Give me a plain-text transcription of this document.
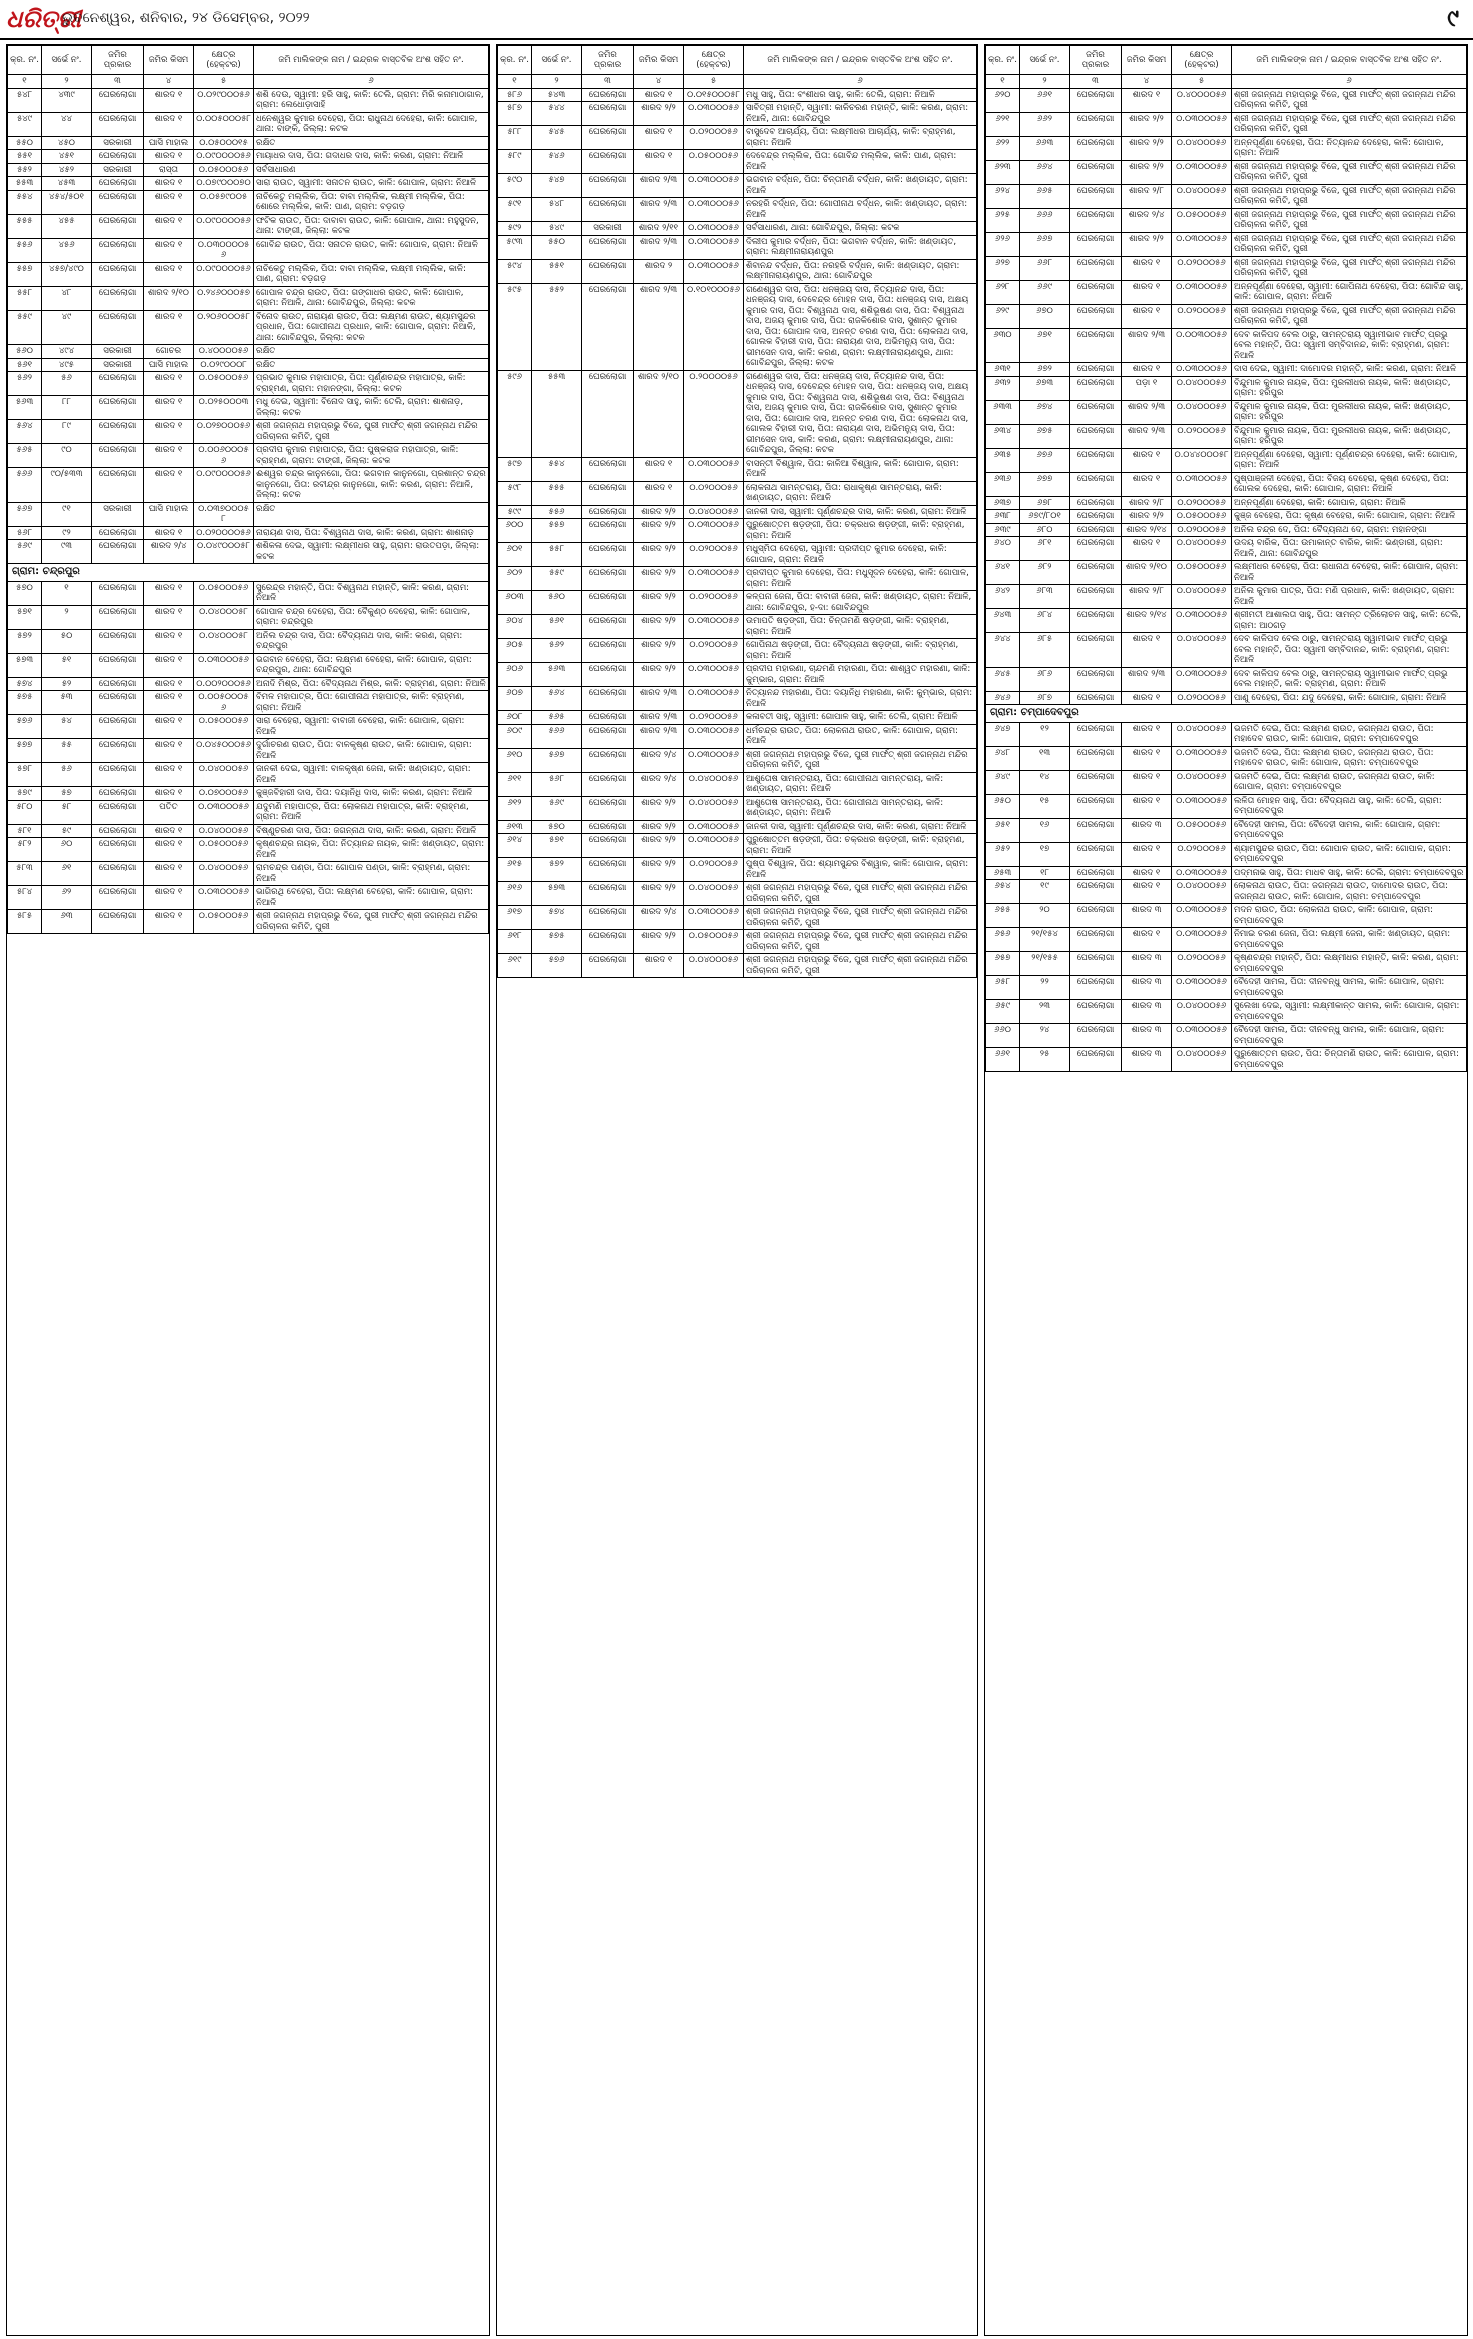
ଧରିତ୍ରୀ
ଭୁବନେଶ୍ୱର, ଶନିବାର, ୨୪ ଡିସେମ୍ବର, ୨୦୨୨	୯
କ୍ର. ନଂ.	ସର୍ଭେ ନଂ.	ଜମିର ପ୍ରକାର	ଜମିର କିସମ	କ୍ଷେତ୍ର (ହେକ୍ଟର)	ଜମି ମାଲିକଙ୍କ ନାମ / ଇନ୍ଦ୍ରକ ବାସ୍ତବିକ ଅଂଶ ସହିତ ନଂ.
୧	୨	୩	୪	୫	୬
୫୪୮	୪୩୯	ଘେରଲୋଗା	ଶାରଦ ୧	୦.୦୨୯୦୦୦୫୬	ଶଶି ଦେଉ, ସ୍ୱାମୀ: ହରି ସାହୁ, କାଳି: ତେଲି, ଗ୍ରାମ: ମିରି କନାମାଠାଗାଳ, ଗ୍ରାମ: ଲେଧୋଡ଼ାସାହି
୫୪୯	୪୪	ଘେରଲୋଗା	ଶାରଦ ୧	୦.୦୦୫୦୦୦୫୮	ଧନେଶ୍ୱର କୁମାର ଦେହେରା, ପିତା: ରାଧୁନାଥ ଦେହେରା, କାଳି: ଗୋପାଳ, ଥାନା: ବାଙ୍କି, ଜିଲ୍ଲା: କଟକ
୫୫୦	୪୫୦	ସରକାରୀ	ଘାସି ମାହାଲ	୦.୦୫୦୦୦୧୫	ରକ୍ଷିତ
୫୫୧	୪୫୧	ଘେରଲୋଗା	ଶାରଦ ୧	୦.୦୯୦୦୦୦୫୬	ମାୟାଧର ଦାସ, ପିତା: ଗଦାଧର ଦାସ, କାଳି: କରଣ, ଗ୍ରାମ: ନିଆଳି
୫୫୨	୪୫୨	ସରକାରୀ	ରାସ୍ତା	୦.୦୫୦୦୦୫୬	ସର୍ବସାଧାରଣ
୫୫୩	୪୫୩	ଘେରଲୋଗା	ଶାରଦ ୧	୦.୦୭୯୦୦୦୭୦	ସାରା ରାଉତ, ସ୍ୱାମୀ: ସନାତନ ରାଉତ, କାଳି: ଗୋପାଳ, ଗ୍ରାମ: ନିଆଳି
୫୫୪	୪୫୪/୫୦୧	ଘେରଲୋଗା	ଶାରଦ ୧	୦.୦୫୭୯୦୦୫	ନାଚିକେତୁ ମଲ୍ଲିକ, ପିତା: ବାବା ମଲ୍ଲିକ, ଲକ୍ଷ୍ମୀ ମଲ୍ଲିକ, ପିତା: ଶୋରେ ମଲ୍ଲିକ, କାଳି: ପାଣ, ଗ୍ରାମ: ବଡ଼ଗଡ଼
୫୫୫	୪୫୫	ଘେରଲୋଗା	ଶାରଦ ୧	୦.୦୯୦୦୦୦୫୬	ଫଟିକ ରାଉତ, ପିତା: ଦାବାବା ରାଉତ, କାଳି: ଗୋପାଳ, ଥାନା: ମହୁସୁଦନ, ଥାନା: ଟାଙ୍ଗୀ, ଜିଲ୍ଲା: କଟକ
୫୫୬	୪୫୬	ଘେରଲୋଗା	ଶାରଦ ୧	୦.୦୩୦୦୦୦୫୬	ଗୋବିନ୍ଦ ରାଉତ, ପିତା: ସନାତନ ରାଉତ, କାଳି: ଗୋପାଳ, ଗ୍ରାମ: ନିଆଳି
୫୫୭	୪୫୭/୪୯୦	ଘେରଲୋଗା	ଶାରଦ ୧	୦.୦୯୦୦୦୦୫୬	ନାଚିକେତୁ ମଲ୍ଲିକ, ପିତା: ବାବା ମଲ୍ଲିକ, ଲକ୍ଷ୍ମୀ ମଲ୍ଲିକ, କାଳି: ପାଣ, ଗ୍ରାମ: ବଡ଼ଗଡ଼
୫୫୮	୪୮	ଘେରଲୋଗା	ଶାରଦ ୨/୧୦	୦.୨୪୬୦୦୦୫୭	ଗୋପାଳ ଚନ୍ଦ୍ର ରାଉତ, ପିତା: ଗଙ୍ଗାଧର ରାଉତ, କାଳି: ଗୋପାଳ, ଗ୍ରାମ: ନିଆଳି, ଥାନା: ଗୋବିନ୍ଦପୁର, ଜିଲ୍ଲା: କଟକ
୫୫୯	୪୯	ଘେରଲୋଗା	ଶାରଦ ୧	୦.୨୦୬୦୦୦୫୮	ବିନୋଦ ରାଉତ, ନାରାୟଣ ରାଉତ, ପିତା: ଲକ୍ଷ୍ମଣ ରାଉତ, ଶ୍ୟାମସୁନ୍ଦର ପ୍ରଧାନ, ପିତା: ଗୋପୀନାଥ ପ୍ରଧାନ, କାଳି: ଗୋପାଳ, ଗ୍ରାମ: ନିଆଳି, ଥାନା: ଗୋବିନ୍ଦପୁର, ଜିଲ୍ଲା: କଟକ
୫୬୦	୪୯୪	ସରକାରୀ	ଗୋଚର	୦.୪୦୦୦୦୫୬	ରକ୍ଷିତ
୫୬୧	୪୯୫	ସରକାରୀ	ଘାସି ମାହାଲ	୦.୦୨୯୦୦୦୮	ରକ୍ଷିତ
୫୬୨	୫୬	ଘେରଲୋଗା	ଶାରଦ ୧	୦.୦୫୦୦୦୫୬	ପ୍ରଭାତ କୁମାର ମହାପାତ୍ର, ପିତା: ପୂର୍ଣ୍ଣଚନ୍ଦ୍ର ମହାପାତ୍ର, କାଳି: ବ୍ରାହ୍ମଣ, ଗ୍ରାମ: ମହାନଙ୍ଗା, ଜିଲ୍ଲା: କଟକ
୫୬୩	୮୮	ଘେରଲୋଗା	ଶାରଦ ୧	୦.୦୨୫୦୦୦୩	ମଧୁ ଦେଇ, ସ୍ୱାମୀ: ବିନୋଦ ସାହୁ, କାଳି: ତେଲି, ଗ୍ରାମ: ଶାଶନାଡ଼, ଜିଲ୍ଲା: କଟକ
୫୬୪	୮୯	ଘେରଲୋଗା	ଶାରଦ ୧	୦.୦୨୭୦୦୦୫୬	ଶ୍ରୀ ଜଗନ୍ନାଥ ମହାପ୍ରଭୁ ବିଜେ, ପୁରୀ ମାର୍ଫତ୍ ଶ୍ରୀ ଜଗନ୍ନାଥ ମନ୍ଦିର ପରିଚାଳନା କମିଟି, ପୁରୀ
୫୬୫	୯୦	ଘେରଲୋଗା	ଶାରଦ ୧	୦.୦୦୬୦୦୦୫୬	ପ୍ରଦୀପ କୁମାର ମହାପାତ୍ର, ପିତା: ପୁଷ୍କରାଜ ମହାପାତ୍ର, କାଳି: ବ୍ରାହ୍ମଣ, ଗ୍ରାମ: ଟାଙ୍ଗୀ, ଜିଲ୍ଲା: କଟକ
୫୬୬	୯୦/୫୩୩	ଘେରଲୋଗା	ଶାରଦ ୧	୦.୦୯୦୦୦୦୫୬	ଈଶ୍ୱର ଚନ୍ଦ୍ର କାନୁନଗୋ, ପିତା: ଭଗବାନ କାନୁନଗୋ, ପ୍ରଶାନ୍ତ ଚନ୍ଦ୍ର କାନୁନଗୋ, ପିତା: ରବୀନ୍ଦ୍ର କାନୁନଗୋ, କାଳି: କରଣ, ଗ୍ରାମ: ନିଆଳି, ଜିଲ୍ଲା: କଟକ
୫୬୭	୯୧	ସରକାରୀ	ଘାସି ମାହାଲ	୦.୦୩୭୦୦୦୫୮	ରକ୍ଷିତ
୫୬୮	୯୨	ଘେରଲୋଗା	ଶାରଦ ୧	୦.୦୨୦୦୦୦୫୬	ନାରାୟଣ ଦାସ, ପିତା: ବିଶ୍ୱନାଥ ଦାସ, କାଳି: କରଣ, ଗ୍ରାମ: ଶାଶନାଡ଼
୫୬୯	୯୩	ଘେରଲୋଗା	ଶାରଦ ୨/୪	୦.୦୪୯୦୦୦୫୮	ଶଶିକଳା ଦେଇ, ସ୍ୱାମୀ: ଲକ୍ଷ୍ମୀଧର ସାହୁ, ଗ୍ରାମ: ରାଉତପଡ଼ା, ଜିଲ୍ଲା: କଟକ
ଗ୍ରାମ: ଚନ୍ଦ୍ରପୁର					
୫୭୦	୧	ଘେରଲୋଗା	ଶାରଦ ୧	୦.୦୫୦୦୦୫୬	ସୁରେନ୍ଦ୍ର ମହାନ୍ତି, ପିତା: ବିଶ୍ୱନାଥ ମହାନ୍ତି, କାଳି: କରଣ, ଗ୍ରାମ: ନିଆଳି
୫୭୧	୨	ଘେରଲୋଗା	ଶାରଦ ୧	୦.୦୪୦୦୦୫୮	ଗୋପାଳ ଚନ୍ଦ୍ର ଦେହେରା, ପିତା: ବୈକୁଣ୍ଠ ଦେହେରା, କାଳି: ଗୋପାଳ, ଗ୍ରାମ: ଚନ୍ଦ୍ରପୁର
୫୭୨	୫୦	ଘେରଲୋଗା	ଶାରଦ ୧	୦.୦୪୦୦୦୫୮	ଅନିଲ ଚନ୍ଦ୍ର ଦାସ, ପିତା: ବୈଦ୍ୟନାଥ ଦାସ, କାଳି: କରଣ, ଗ୍ରାମ: ଚନ୍ଦ୍ରପୁର
୫୭୩	୫୧	ଘେରଲୋଗା	ଶାରଦ ୧	୦.୦୩୦୦୦୫୬	ଭଗବାନ ବେହେରା, ପିତା: ଲକ୍ଷ୍ମଣ ବେହେରା, କାଳି: ଗୋପାଳ, ଗ୍ରାମ: ଚନ୍ଦ୍ରପୁର, ଥାନା: ଗୋବିନ୍ଦପୁର
୫୭୪	୫୨	ଘେରଲୋଗା	ଶାରଦ ୧	୦.୦୦୨୦୦୦୫୬	ଅନାଦି ମିଶ୍ର, ପିତା: ବୈଦ୍ୟନାଥ ମିଶ୍ର, କାଳି: ବ୍ରାହ୍ମଣ, ଗ୍ରାମ: ନିଆଳି
୫୭୫	୫୩	ଘେରଲୋଗା	ଶାରଦ ୧	୦.୦୦୫୦୦୦୫୬	ବିମଳ ମହାପାତ୍ର, ପିତା: ଗୋପୀନାଥ ମହାପାତ୍ର, କାଳି: ବ୍ରାହ୍ମଣ, ଗ୍ରାମ: ନିଆଳି
୫୭୬	୫୪	ଘେରଲୋଗା	ଶାରଦ ୧	୦.୦୫୦୦୦୫୬	ସାରା ବେହେରା, ସ୍ୱାମୀ: ବାବାଜୀ ବେହେରା, କାଳି: ଗୋପାଳ, ଗ୍ରାମ: ନିଆଳି
୫୭୭	୫୫	ଘେରଲୋଗା	ଶାରଦ ୧	୦.୦୪୫୦୦୦୫୬	ଦୁର୍ଗାଚରଣ ରାଉତ, ପିତା: ବାଳକୃଷ୍ଣ ରାଉତ, କାଳି: ଗୋପାଳ, ଗ୍ରାମ: ନିଆଳି
୫୭୮	୫୬	ଘେରଲୋଗା	ଶାରଦ ୧	୦.୦୪୦୦୦୫୬	ଜାନକୀ ଦେଇ, ସ୍ୱାମୀ: ବାଳକୃଷ୍ଣ ଜେନା, କାଳି: ଖଣ୍ଡାୟତ, ଗ୍ରାମ: ନିଆଳି
୫୭୯	୫୭	ଘେରଲୋଗା	ଶାରଦ ୧	୦.୦୭୦୦୦୫୬	କୁଞ୍ଜବିହାରୀ ଦାସ, ପିତା: ଦୟାନିଧି ଦାସ, କାଳି: କରଣ, ଗ୍ରାମ: ନିଆଳି
୫୮୦	୫୮	ଘେରଲୋଗା	ପତିତ	୦.୦୩୦୦୦୫୬	ଯଦୁମଣି ମହାପାତ୍ର, ପିତା: ଲୋକନାଥ ମହାପାତ୍ର, କାଳି: ବ୍ରାହ୍ମଣ, ଗ୍ରାମ: ନିଆଳି
୫୮୧	୫୯	ଘେରଲୋଗା	ଶାରଦ ୧	୦.୦୪୦୦୦୫୬	ବିଷ୍ଣୁଚରଣ ଦାସ, ପିତା: ଜଗନ୍ନାଥ ଦାସ, କାଳି: କରଣ, ଗ୍ରାମ: ନିଆଳି
୫୮୨	୬୦	ଘେରଲୋଗା	ଶାରଦ ୧	୦.୦୫୦୦୦୫୬	କୃଷ୍ଣଚନ୍ଦ୍ର ନାୟକ, ପିତା: ନିତ୍ୟାନନ୍ଦ ନାୟକ, କାଳି: ଖଣ୍ଡାୟତ, ଗ୍ରାମ: ନିଆଳି
୫୮୩	୬୧	ଘେରଲୋଗା	ଶାରଦ ୧	୦.୦୪୦୦୦୫୬	ରାମଚନ୍ଦ୍ର ପଣ୍ଡା, ପିତା: ଗୋପାଳ ପଣ୍ଡା, କାଳି: ବ୍ରାହ୍ମଣ, ଗ୍ରାମ: ନିଆଳି
୫୮୪	୬୨	ଘେରଲୋଗା	ଶାରଦ ୧	୦.୦୩୦୦୦୫୬	ଭାଗିରଥି ବେହେରା, ପିତା: ଲକ୍ଷ୍ମଣ ବେହେରା, କାଳି: ଗୋପାଳ, ଗ୍ରାମ: ନିଆଳି
୫୮୫	୬୩	ଘେରଲୋଗା	ଶାରଦ ୧	୦.୦୫୦୦୦୫୬	ଶ୍ରୀ ଜଗନ୍ନାଥ ମହାପ୍ରଭୁ ବିଜେ, ପୁରୀ ମାର୍ଫତ୍ ଶ୍ରୀ ଜଗନ୍ନାଥ ମନ୍ଦିର ପରିଚାଳନା କମିଟି, ପୁରୀ
କ୍ର. ନଂ.	ସର୍ଭେ ନଂ.	ଜମିର ପ୍ରକାର	ଜମିର କିସମ	କ୍ଷେତ୍ର (ହେକ୍ଟର)	ଜମି ମାଲିକଙ୍କ ନାମ / ଇନ୍ଦ୍ରକ ବାସ୍ତବିକ ଅଂଶ ସହିତ ନଂ.
୧	୨	୩	୪	୫	୬
୫୮୬	୫୪୩	ଘେରଲୋଗା	ଶାରଦ ୧	୦.୦୧୫୦୦୦୫୮	ମଧୁ ସାହୁ, ପିତା: ବଂଶୀଧର ସାହୁ, କାଳି: ତେଲି, ଗ୍ରାମ: ନିଆଳି
୫୮୭	୫୪୪	ଘେରଲୋଗା	ଶାରଦ ୨/୨	୦.୦୩୦୦୦୫୬	ସାବିତ୍ରୀ ମହାନ୍ତି, ସ୍ୱାମୀ: କାଳିଚରଣ ମହାନ୍ତି, କାଳି: କରଣ, ଗ୍ରାମ: ନିଆଳି, ଥାନା: ଗୋବିନ୍ଦପୁର
୫୮୮	୫୪୫	ଘେରଲୋଗା	ଶାରଦ ୧	୦.୦୨୦୦୦୫୬	ବାସୁଦେବ ଆଚାର୍ଯ୍ୟ, ପିତା: ଲକ୍ଷ୍ମୀଧର ଆଚାର୍ଯ୍ୟ, କାଳି: ବ୍ରାହ୍ମଣ, ଗ୍ରାମ: ନିଆଳି
୫୮୯	୫୪୬	ଘେରଲୋଗା	ଶାରଦ ୧	୦.୦୫୦୦୦୫୬	ଦେବେନ୍ଦ୍ର ମଲ୍ଲିକ, ପିତା: ଗୋବିନ୍ଦ ମଲ୍ଲିକ, କାଳି: ପାଣ, ଗ୍ରାମ: ନିଆଳି
୫୯୦	୫୪୭	ଘେରଲୋଗା	ଶାରଦ ୨/୩	୦.୦୩୦୦୦୫୬	ଭଗବାନ ବର୍ଦ୍ଧନ, ପିତା: ଚିନ୍ତାମଣି ବର୍ଦ୍ଧନ, କାଳି: ଖଣ୍ଡାୟତ, ଗ୍ରାମ: ନିଆଳି
୫୯୧	୫୪୮	ଘେରଲୋଗା	ଶାରଦ ୨/୩	୦.୦୩୦୦୦୫୬	ନରହରି ବର୍ଦ୍ଧନ, ପିତା: ଗୋପୀନାଥ ବର୍ଦ୍ଧନ, କାଳି: ଖଣ୍ଡାୟତ, ଗ୍ରାମ: ନିଆଳି
୫୯୨	୫୪୯	ସରକାରୀ	ଶାରଦ ୨/୧୧	୦.୦୩୦୦୦୫୬	ସର୍ବସାଧାରଣ, ଥାନା: ଗୋବିନ୍ଦପୁର, ଜିଲ୍ଲା: କଟକ
୫୯୩	୫୫୦	ଘେରଲୋଗା	ଶାରଦ ୨/୩	୦.୦୩୦୦୦୫୬	ଦିଲୀପ କୁମାର ବର୍ଦ୍ଧନ, ପିତା: ଭଗବାନ ବର୍ଦ୍ଧନ, କାଳି: ଖଣ୍ଡାୟତ, ଗ୍ରାମ: ଲକ୍ଷ୍ମୀନାରାୟଣପୁର
୫୯୪	୫୫୧	ଘେରଲୋଗା	ଶାରଦ ୨	୦.୦୩୦୦୦୫୬	ଶିବାନନ୍ଦ ବର୍ଦ୍ଧନ, ପିତା: ନରହରି ବର୍ଦ୍ଧନ, କାଳି: ଖଣ୍ଡାୟତ, ଗ୍ରାମ: ଲକ୍ଷ୍ମୀନାରାୟଣପୁର, ଥାନା: ଗୋବିନ୍ଦପୁର
୫୯୫	୫୫୨	ଘେରଲୋଗା	ଶାରଦ ୨/୩	୦.୧୦୧୦୦୦୫୬	ଗଣେଶ୍ୱର ଦାସ, ପିତା: ଧନଞ୍ଜୟ ଦାସ, ନିତ୍ୟାନନ୍ଦ ଦାସ, ପିତା: ଧନଞ୍ଜୟ ଦାସ, ଦେବେନ୍ଦ୍ର ମୋହନ ଦାସ, ପିତା: ଧନଞ୍ଜୟ ଦାସ, ଅକ୍ଷୟ କୁମାର ଦାସ, ପିତା: ବିଶ୍ୱନାଥ ଦାସ, ଶଶିଭୂଷଣ ଦାସ, ପିତା: ବିଶ୍ୱନାଥ ଦାସ, ଅଜୟ କୁମାର ଦାସ, ପିତା: ରାଜକିଶୋର ଦାସ, ସୁଶାନ୍ତ କୁମାର ଦାସ, ପିତା: ଗୋପାଳ ଦାସ, ଅନନ୍ତ ଚରଣ ଦାସ, ପିତା: ଲୋକନାଥ ଦାସ, ଗୋଲକ ବିହାରୀ ଦାସ, ପିତା: ନାରାୟଣ ଦାସ, ଅଭିମନ୍ୟୁ ଦାସ, ପିତା: ଭୀମସେନ ଦାସ, କାଳି: କରଣ, ଗ୍ରାମ: ଲକ୍ଷ୍ମୀନାରାୟଣପୁର, ଥାନା: ଗୋବିନ୍ଦପୁର, ଜିଲ୍ଲା: କଟକ
୫୯୬	୫୫୩	ଘେରଲୋଗା	ଶାରଦ ୨/୧୦	୦.୨୦୦୦୦୫୬	ଗଣେଶ୍ୱର ଦାସ, ପିତା: ଧନଞ୍ଜୟ ଦାସ, ନିତ୍ୟାନନ୍ଦ ଦାସ, ପିତା: ଧନଞ୍ଜୟ ଦାସ, ଦେବେନ୍ଦ୍ର ମୋହନ ଦାସ, ପିତା: ଧନଞ୍ଜୟ ଦାସ, ଅକ୍ଷୟ କୁମାର ଦାସ, ପିତା: ବିଶ୍ୱନାଥ ଦାସ, ଶଶିଭୂଷଣ ଦାସ, ପିତା: ବିଶ୍ୱନାଥ ଦାସ, ଅଜୟ କୁମାର ଦାସ, ପିତା: ରାଜକିଶୋର ଦାସ, ସୁଶାନ୍ତ କୁମାର ଦାସ, ପିତା: ଗୋପାଳ ଦାସ, ଅନନ୍ତ ଚରଣ ଦାସ, ପିତା: ଲୋକନାଥ ଦାସ, ଗୋଲକ ବିହାରୀ ଦାସ, ପିତା: ନାରାୟଣ ଦାସ, ଅଭିମନ୍ୟୁ ଦାସ, ପିତା: ଭୀମସେନ ଦାସ, କାଳି: କରଣ, ଗ୍ରାମ: ଲକ୍ଷ୍ମୀନାରାୟଣପୁର, ଥାନା: ଗୋବିନ୍ଦପୁର, ଜିଲ୍ଲା: କଟକ
୫୯୭	୫୫୪	ଘେରଲୋଗା	ଶାରଦ ୧	୦.୦୩୦୦୦୫୬	ବାସନ୍ତୀ ବିଶ୍ୱାଳ, ପିତା: କାଳିଆ ବିଶ୍ୱାଳ, କାଳି: ଗୋପାଳ, ଗ୍ରାମ: ନିଆଳି
୫୯୮	୫୫୫	ଘେରଲୋଗା	ଶାରଦ ୧	୦.୦୨୦୦୦୫୬	ଲୋକନାଥ ସାମନ୍ତରାୟ, ପିତା: ରାଧାକୃଷ୍ଣ ସାମନ୍ତରାୟ, କାଳି: ଖଣ୍ଡାୟତ, ଗ୍ରାମ: ନିଆଳି
୫୯୯	୫୫୬	ଘେରଲୋଗା	ଶାରଦ ୨/୨	୦.୦୪୦୦୦୫୬	ଜାନକୀ ଦାସ, ସ୍ୱାମୀ: ପୂର୍ଣ୍ଣଚନ୍ଦ୍ର ଦାସ, କାଳି: କରଣ, ଗ୍ରାମ: ନିଆଳି
୬୦୦	୫୫୭	ଘେରଲୋଗା	ଶାରଦ ୨/୨	୦.୦୩୦୦୦୫୬	ପୁରୁଷୋତ୍ତମ ଷଡ଼ଙ୍ଗୀ, ପିତା: ଚକ୍ରଧର ଷଡ଼ଙ୍ଗୀ, କାଳି: ବ୍ରାହ୍ମଣ, ଗ୍ରାମ: ନିଆଳି
୬୦୧	୫୫୮	ଘେରଲୋଗା	ଶାରଦ ୨/୨	୦.୦୨୦୦୦୫୬	ମଧୁସ୍ମିତା ଦେହେରା, ସ୍ୱାମୀ: ପ୍ରଦୀପ୍ତ କୁମାର ଦେହେରା, କାଳି: ଗୋପାଳ, ଗ୍ରାମ: ନିଆଳି
୬୦୨	୫୫୯	ଘେରଲୋଗା	ଶାରଦ ୨/୨	୦.୦୩୦୦୦୫୬	ପ୍ରଦୀପ୍ତ କୁମାର ଦେହେରା, ପିତା: ମଧୁସୂଦନ ଦେହେରା, କାଳି: ଗୋପାଳ, ଗ୍ରାମ: ନିଆଳି
୬୦୩	୫୬୦	ଘେରଲୋଗା	ଶାରଦ ୨/୨	୦.୦୨୦୦୦୫୬	କଳ୍ପନା ଜେନା, ପିତା: ବାବାଜୀ ଜେନା, କାଳି: ଖଣ୍ଡାୟତ, ଗ୍ରାମ: ନିଆଳି, ଥାନା: ଗୋବିନ୍ଦପୁର, ହ-ଦା: ଗୋବିନ୍ଦପୁର
୬୦୪	୫୬୧	ଘେରଲୋଗା	ଶାରଦ ୨/୨	୦.୦୩୦୦୦୫୬	ଉମାପତି ଷଡ଼ଙ୍ଗୀ, ପିତା: ଚିନ୍ତାମଣି ଷଡ଼ଙ୍ଗୀ, କାଳି: ବ୍ରାହ୍ମଣ, ଗ୍ରାମ: ନିଆଳି
୬୦୫	୫୬୨	ଘେରଲୋଗା	ଶାରଦ ୨/୨	୦.୦୨୦୦୦୫୬	ଗୋପିନାଥ ଷଡ଼ଙ୍ଗୀ, ପିତା: ବୈଦ୍ୟନାଥ ଷଡ଼ଙ୍ଗୀ, କାଳି: ବ୍ରାହ୍ମଣ, ଗ୍ରାମ: ନିଆଳି
୬୦୬	୫୬୩	ଘେରଲୋଗା	ଶାରଦ ୨/୨	୦.୦୩୦୦୦୫୬	ପ୍ରଦୀପ ମହାରଣା, ଚାନ୍ଦମଣି ମହାରଣା, ପିତା: ଶାଶ୍ୱତ ମହାରଣା, କାଳି: କୁମ୍ଭାର, ଗ୍ରାମ: ନିଆଳି
୬୦୭	୫୬୪	ଘେରଲୋଗା	ଶାରଦ ୨/୩	୦.୦୩୦୦୦୫୬	ନିତ୍ୟାନନ୍ଦ ମହାରଣା, ପିତା: ଦୟାନିଧି ମହାରଣା, କାଳି: କୁମ୍ଭାର, ଗ୍ରାମ: ନିଆଳି
୬୦୮	୫୬୫	ଘେରଲୋଗା	ଶାରଦ ୨/୩	୦.୦୨୦୦୦୫୬	କଳାବତୀ ସାହୁ, ସ୍ୱାମୀ: ଗୋପାଳ ସାହୁ, କାଳି: ତେଲି, ଗ୍ରାମ: ନିଆଳି
୬୦୯	୫୬୬	ଘେରଲୋଗା	ଶାରଦ ୨/୩	୦.୦୩୦୦୦୫୬	ଧର୍ମଚନ୍ଦ୍ର ରାଉତ, ପିତା: ଲୋକନାଥ ରାଉତ, କାଳି: ଗୋପାଳ, ଗ୍ରାମ: ନିଆଳି
୬୧୦	୫୬୭	ଘେରଲୋଗା	ଶାରଦ ୨/୪	୦.୦୩୦୦୦୫୬	ଶ୍ରୀ ଜଗନ୍ନାଥ ମହାପ୍ରଭୁ ବିଜେ, ପୁରୀ ମାର୍ଫତ୍ ଶ୍ରୀ ଜଗନ୍ନାଥ ମନ୍ଦିର ପରିଚାଳନା କମିଟି, ପୁରୀ
୬୧୧	୫୬୮	ଘେରଲୋଗା	ଶାରଦ ୨/୪	୦.୦୪୦୦୦୫୬	ଆଶୁତୋଷ ସାମନ୍ତରାୟ, ପିତା: ଗୋପୀନାଥ ସାମନ୍ତରାୟ, କାଳି: ଖଣ୍ଡାୟତ, ଗ୍ରାମ: ନିଆଳି
୬୧୨	୫୬୯	ଘେରଲୋଗା	ଶାରଦ ୨/୨	୦.୦୪୦୦୦୫୬	ଆଶୁତୋଷ ସାମନ୍ତରାୟ, ପିତା: ଗୋପୀନାଥ ସାମନ୍ତରାୟ, କାଳି: ଖଣ୍ଡାୟତ, ଗ୍ରାମ: ନିଆଳି
୬୧୩	୫୭୦	ଘେରଲୋଗା	ଶାରଦ ୨/୨	୦.୦୩୦୦୦୫୬	ଜାନକୀ ଦାସ, ସ୍ୱାମୀ: ପୂର୍ଣ୍ଣଚନ୍ଦ୍ର ଦାସ, କାଳି: କରଣ, ଗ୍ରାମ: ନିଆଳି
୬୧୪	୫୭୧	ଘେରଲୋଗା	ଶାରଦ ୨/୨	୦.୦୩୦୦୦୫୬	ପୁରୁଷୋତ୍ତମ ଷଡ଼ଙ୍ଗୀ, ପିତା: ଚକ୍ରଧର ଷଡ଼ଙ୍ଗୀ, କାଳି: ବ୍ରାହ୍ମଣ, ଗ୍ରାମ: ନିଆଳି
୬୧୫	୫୭୨	ଘେରଲୋଗା	ଶାରଦ ୨/୨	୦.୦୨୦୦୦୫୬	ପୁଷ୍ପ ବିଶ୍ୱାଳ, ପିତା: ଶ୍ୟାମସୁନ୍ଦର ବିଶ୍ୱାଳ, କାଳି: ଗୋପାଳ, ଗ୍ରାମ: ନିଆଳି
୬୧୬	୫୭୩	ଘେରଲୋଗା	ଶାରଦ ୨/୨	୦.୦୪୦୦୦୫୬	ଶ୍ରୀ ଜଗନ୍ନାଥ ମହାପ୍ରଭୁ ବିଜେ, ପୁରୀ ମାର୍ଫତ୍ ଶ୍ରୀ ଜଗନ୍ନାଥ ମନ୍ଦିର ପରିଚାଳନା କମିଟି, ପୁରୀ
୬୧୭	୫୭୪	ଘେରଲୋଗା	ଶାରଦ ୨/୪	୦.୦୩୦୦୦୫୬	ଶ୍ରୀ ଜଗନ୍ନାଥ ମହାପ୍ରଭୁ ବିଜେ, ପୁରୀ ମାର୍ଫତ୍ ଶ୍ରୀ ଜଗନ୍ନାଥ ମନ୍ଦିର ପରିଚାଳନା କମିଟି, ପୁରୀ
୬୧୮	୫୭୫	ଘେରଲୋଗା	ଶାରଦ ୨/୨	୦.୦୫୦୦୦୫୬	ଶ୍ରୀ ଜଗନ୍ନାଥ ମହାପ୍ରଭୁ ବିଜେ, ପୁରୀ ମାର୍ଫତ୍ ଶ୍ରୀ ଜଗନ୍ନାଥ ମନ୍ଦିର ପରିଚାଳନା କମିଟି, ପୁରୀ
୬୧୯	୫୭୬	ଘେରଲୋଗା	ଶାରଦ ୧	୦.୦୪୦୦୦୫୬	ଶ୍ରୀ ଜଗନ୍ନାଥ ମହାପ୍ରଭୁ ବିଜେ, ପୁରୀ ମାର୍ଫତ୍ ଶ୍ରୀ ଜଗନ୍ନାଥ ମନ୍ଦିର ପରିଚାଳନା କମିଟି, ପୁରୀ
କ୍ର. ନଂ.	ସର୍ଭେ ନଂ.	ଜମିର ପ୍ରକାର	ଜମିର କିସମ	କ୍ଷେତ୍ର (ହେକ୍ଟର)	ଜମି ମାଲିକଙ୍କ ନାମ / ଇନ୍ଦ୍ରକ ବାସ୍ତବିକ ଅଂଶ ସହିତ ନଂ.
୧	୨	୩	୪	୫	୬
୬୨୦	୬୬୧	ଘେରଲୋଗା	ଶାରଦ ୧	୦.୪୦୦୦୦୫୬	ଶ୍ରୀ ଜଗନ୍ନାଥ ମହାପ୍ରଭୁ ବିଜେ, ପୁରୀ ମାର୍ଫତ୍ ଶ୍ରୀ ଜଗନ୍ନାଥ ମନ୍ଦିର ପରିଚାଳନା କମିଟି, ପୁରୀ
୬୨୧	୬୬୨	ଘେରଲୋଗା	ଶାରଦ ୨/୨	୦.୦୩୦୦୦୫୬	ଶ୍ରୀ ଜଗନ୍ନାଥ ମହାପ୍ରଭୁ ବିଜେ, ପୁରୀ ମାର୍ଫତ୍ ଶ୍ରୀ ଜଗନ୍ନାଥ ମନ୍ଦିର ପରିଚାଳନା କମିଟି, ପୁରୀ
୬୨୨	୬୬୩	ଘେରଲୋଗା	ଶାରଦ ୨/୨	୦.୦୪୦୦୦୫୬	ଅନ୍ନପୂର୍ଣ୍ଣା ଦେହେରା, ପିତା: ନିତ୍ୟାନନ୍ଦ ଦେହେରା, କାଳି: ଗୋପାଳ, ଗ୍ରାମ: ନିଆଳି
୬୨୩	୬୬୪	ଘେରଲୋଗା	ଶାରଦ ୨/୨	୦.୦୩୦୦୦୫୬	ଶ୍ରୀ ଜଗନ୍ନାଥ ମହାପ୍ରଭୁ ବିଜେ, ପୁରୀ ମାର୍ଫତ୍ ଶ୍ରୀ ଜଗନ୍ନାଥ ମନ୍ଦିର ପରିଚାଳନା କମିଟି, ପୁରୀ
୬୨୪	୬୬୫	ଘେରଲୋଗା	ଶାରଦ ୨/୮	୦.୦୪୦୦୦୫୬	ଶ୍ରୀ ଜଗନ୍ନାଥ ମହାପ୍ରଭୁ ବିଜେ, ପୁରୀ ମାର୍ଫତ୍ ଶ୍ରୀ ଜଗନ୍ନାଥ ମନ୍ଦିର ପରିଚାଳନା କମିଟି, ପୁରୀ
୬୨୫	୬୬୬	ଘେରଲୋଗା	ଶାରଦ ୨/୪	୦.୦୫୦୦୦୫୬	ଶ୍ରୀ ଜଗନ୍ନାଥ ମହାପ୍ରଭୁ ବିଜେ, ପୁରୀ ମାର୍ଫତ୍ ଶ୍ରୀ ଜଗନ୍ନାଥ ମନ୍ଦିର ପରିଚାଳନା କମିଟି, ପୁରୀ
୬୨୬	୬୬୭	ଘେରଲୋଗା	ଶାରଦ ୨/୨	୦.୦୩୦୦୦୫୬	ଶ୍ରୀ ଜଗନ୍ନାଥ ମହାପ୍ରଭୁ ବିଜେ, ପୁରୀ ମାର୍ଫତ୍ ଶ୍ରୀ ଜଗନ୍ନାଥ ମନ୍ଦିର ପରିଚାଳନା କମିଟି, ପୁରୀ
୬୨୭	୬୬୮	ଘେରଲୋଗା	ଶାରଦ ୧	୦.୦୨୦୦୦୫୬	ଶ୍ରୀ ଜଗନ୍ନାଥ ମହାପ୍ରଭୁ ବିଜେ, ପୁରୀ ମାର୍ଫତ୍ ଶ୍ରୀ ଜଗନ୍ନାଥ ମନ୍ଦିର ପରିଚାଳନା କମିଟି, ପୁରୀ
୬୨୮	୬୬୯	ଘେରଲୋଗା	ଶାରଦ ୧	୦.୦୩୦୦୦୫୬	ଅନ୍ନପୂର୍ଣ୍ଣା ଦେହେରା, ସ୍ୱାମୀ: ଗୋପିନାଥ ଦେହେରା, ପିତା: ଗୋବିନ୍ଦ ସାହୁ, କାଳି: ଗୋପାଳ, ଗ୍ରାମ: ନିଆଳି
୬୨୯	୬୭୦	ଘେରଲୋଗା	ଶାରଦ ୧	୦.୦୨୦୦୦୫୬	ଶ୍ରୀ ଜଗନ୍ନାଥ ମହାପ୍ରଭୁ ବିଜେ, ପୁରୀ ମାର୍ଫତ୍ ଶ୍ରୀ ଜଗନ୍ନାଥ ମନ୍ଦିର ପରିଚାଳନା କମିଟି, ପୁରୀ
୬୩୦	୬୭୧	ଘେରଲୋଗା	ଶାରଦ ୨/୩	୦.୦୦୩୦୦୫୬	ଦେବ କାଳିପଦ ବେଲ ଠାରୁ, ସାମନ୍ତରାୟ ସ୍ୱାମୀଭାବ ମାର୍ଫତ୍ ପ୍ରଭୁ ବେଲ ମହାନ୍ତି, ପିତା: ସ୍ୱାମୀ ସମ୍ବିଦାନନ୍ଦ, କାଳି: ବ୍ରାହ୍ମଣ, ଗ୍ରାମ: ନିଆଳି
୬୩୧	୬୭୨	ଘେରଲୋଗା	ଶାରଦ ୧	୦.୦୩୦୦୦୫୬	ଦାସ ଦେଇ, ସ୍ୱାମୀ: ଦାମୋଦର ମହାନ୍ତି, କାଳି: କରଣ, ଗ୍ରାମ: ନିଆଳି
୬୩୨	୬୭୩	ଘେରଲୋଗା	ପଡ଼ା ୧	୦.୦୪୦୦୦୫୬	ବିନ୍ଦୁମାଳ କୁମାର ନାୟକ, ପିତା: ମୁରଲୀଧର ନାୟକ, କାଳି: ଖଣ୍ଡାୟତ, ଗ୍ରାମ: ହରିପୁର
୬୩୩	୬୭୪	ଘେରଲୋଗା	ଶାରଦ ୨/୩	୦.୦୪୦୦୦୫୬	ବିନ୍ଦୁମାଳ କୁମାର ନାୟକ, ପିତା: ମୁରଲୀଧର ନାୟକ, କାଳି: ଖଣ୍ଡାୟତ, ଗ୍ରାମ: ହରିପୁର
୬୩୪	୬୭୫	ଘେରଲୋଗା	ଶାରଦ ୨/୩	୦.୦୨୦୦୦୫୬	ବିନ୍ଦୁମାଳ କୁମାର ନାୟକ, ପିତା: ମୁରଲୀଧର ନାୟକ, କାଳି: ଖଣ୍ଡାୟତ, ଗ୍ରାମ: ହରିପୁର
୬୩୫	୬୭୬	ଘେରଲୋଗା	ଶାରଦ ୧	୦.୦୪୪୦୦୦୫୮	ଅନ୍ନପୂର୍ଣ୍ଣା ଦେହେରା, ସ୍ୱାମୀ: ପୂର୍ଣ୍ଣଚନ୍ଦ୍ର ଦେହେରା, କାଳି: ଗୋପାଳ, ଗ୍ରାମ: ନିଆଳି
୬୩୬	୬୭୭	ଘେରଲୋଗା	ଶାରଦ ୧	୦.୦୩୦୦୦୫୬	ପୁଷ୍ପାଞ୍ଜଳୀ ଦେହେରା, ପିତା: ବିଜୟ ଦେହେରା, କୃଷ୍ଣ ଦେହେରା, ପିତା: ଗୋଲକ ଦେହେରା, କାଳି: ଗୋପାଳ, ଗ୍ରାମ: ନିଆଳି
୬୩୭	୬୭୮	ଘେରଲୋଗା	ଶାରଦ ୨/୮	୦.୦୨୦୦୦୫୬	ଅନ୍ନପୂର୍ଣ୍ଣା ଦେହେରା, କାଳି: ଗୋପାଳ, ଗ୍ରାମ: ନିଆଳି
୬୩୮	୬୭୯/୮୦୧	ଘେରଲୋଗା	ଶାରଦ ୨/୨	୦.୦୫୦୦୦୫୬	କୁଞ୍ଜ ବେହେରା, ପିତା: କୃଷ୍ଣ ବେହେରା, କାଳି: ଗୋପାଳ, ଗ୍ରାମ: ନିଆଳି
୬୩୯	୬୮୦	ଘେରଲୋଗା	ଶାରଦ ୨/୧୪	୦.୦୨୦୦୦୫୬	ଅନିଲ ଚନ୍ଦ୍ର ଦେ, ପିତା: ବୈଦ୍ୟନାଥ ଦେ, ଗ୍ରାମ: ମହାନଙ୍ଗା
୬୪୦	୬୮୧	ଘେରଲୋଗା	ଶାରଦ ୧	୦.୦୪୦୦୦୫୬	ଉଦୟ ବାରିକ, ପିତା: ଉମାକାନ୍ତ ବାରିକ, କାଳି: ଭଣ୍ଡାରୀ, ଗ୍ରାମ: ନିଆଳି, ଥାନା: ଗୋବିନ୍ଦପୁର
୬୪୧	୬୮୨	ଘେରଲୋଗା	ଶାରଦ ୨/୧୦	୦.୦୫୦୦୦୫୬	ଲକ୍ଷ୍ମୀଧର ବେହେରା, ପିତା: ରାଧାନାଥ ବେହେରା, କାଳି: ଗୋପାଳ, ଗ୍ରାମ: ନିଆଳି
୬୪୨	୬୮୩	ଘେରଲୋଗା	ଶାରଦ ୨/୮	୦.୦୪୦୦୦୫୬	ଅନିଲ କୁମାର ପାତ୍ର, ପିତା: ମଣି ପ୍ରଧାନ, କାଳି: ଖଣ୍ଡାୟତ, ଗ୍ରାମ: ନିଆଳି
୬୪୩	୬୮୪	ଘେରଲୋଗା	ଶାରଦ ୨/୧୪	୦.୦୩୦୦୦୫୬	ଶ୍ରୀମତୀ ଆଶାଲତା ସାହୁ, ପିତା: ସାମନ୍ତ ତ୍ରିଲୋଚନ ସାହୁ, କାଳି: ତେଲି, ଗ୍ରାମ: ଆଠଗଡ଼
୬୪୪	୬୮୫	ଘେରଲୋଗା	ଶାରଦ ୧	୦.୦୪୦୦୦୫୬	ଦେବ କାଳିପଦ ବେଲ ଠାରୁ, ସାମନ୍ତରାୟ ସ୍ୱାମୀଭାବ ମାର୍ଫତ୍ ପ୍ରଭୁ ବେଲ ମହାନ୍ତି, ପିତା: ସ୍ୱାମୀ ସମ୍ବିଦାନନ୍ଦ, କାଳି: ବ୍ରାହ୍ମଣ, ଗ୍ରାମ: ନିଆଳି
୬୪୫	୬୮୬	ଘେରଲୋଗା	ଶାରଦ ୨/୩	୦.୦୩୦୦୦୫୬	ଦେବ କାଳିପଦ ବେଲ ଠାରୁ, ସାମନ୍ତରାୟ ସ୍ୱାମୀଭାବ ମାର୍ଫତ୍ ପ୍ରଭୁ ବେଲ ମହାନ୍ତି, କାଳି: ବ୍ରାହ୍ମଣ, ଗ୍ରାମ: ନିଆଳି
୬୪୬	୬୮୭	ଘେରଲୋଗା	ଶାରଦ ୧	୦.୦୨୦୦୦୫୬	ପାଣୁ ଦେହେରା, ପିତା: ଯଦୁ ଦେହେରା, କାଳି: ଗୋପାଳ, ଗ୍ରାମ: ନିଆଳି
ଗ୍ରାମ: ଚମ୍ପାଦେବପୁର					
୬୪୭	୧୨	ଘେରଲୋଗା	ଶାରଦ ୧	୦.୦୪୦୦୦୫୬	ଭଜମତି ଦେଇ, ପିତା: ଲକ୍ଷ୍ମଣ ରାଉତ, ଜଗନ୍ନାଥ ରାଉତ, ପିତା: ମହାଦେବ ରାଉତ, କାଳି: ଗୋପାଳ, ଗ୍ରାମ: ଚମ୍ପାଦେବପୁର
୬୪୮	୧୩	ଘେରଲୋଗା	ଶାରଦ ୧	୦.୦୩୦୦୦୫୬	ଭଜମତି ଦେଇ, ପିତା: ଲକ୍ଷ୍ମଣ ରାଉତ, ଜଗନ୍ନାଥ ରାଉତ, ପିତା: ମହାଦେବ ରାଉତ, କାଳି: ଗୋପାଳ, ଗ୍ରାମ: ଚମ୍ପାଦେବପୁର
୬୪୯	୧୪	ଘେରଲୋଗା	ଶାରଦ ୧	୦.୦୪୦୦୦୫୬	ଭଜମତି ଦେଇ, ପିତା: ଲକ୍ଷ୍ମଣ ରାଉତ, ଜଗନ୍ନାଥ ରାଉତ, କାଳି: ଗୋପାଳ, ଗ୍ରାମ: ଚମ୍ପାଦେବପୁର
୬୫୦	୧୫	ଘେରଲୋଗା	ଶାରଦ ୧	୦.୦୩୦୦୦୫୬	ଲଳିତା ମୋହନ ସାହୁ, ପିତା: ବୈଦ୍ୟନାଥ ସାହୁ, କାଳି: ତେଲି, ଗ୍ରାମ: ଚମ୍ପାଦେବପୁର
୬୫୧	୧୬	ଘେରଲୋଗା	ଶାରଦ ୩	୦.୦୫୦୦୦୫୬	ବୈଦେହୀ ସାମଲ, ପିତା: ବୈଦେହୀ ସାମଲ, କାଳି: ଗୋପାଳ, ଗ୍ରାମ: ଚମ୍ପାଦେବପୁର
୬୫୨	୧୭	ଘେରଲୋଗା	ଶାରଦ ୧	୦.୦୨୦୦୦୫୬	ଶ୍ୟାମସୁନ୍ଦର ରାଉତ, ପିତା: ଗୋପାଳ ରାଉତ, କାଳି: ଗୋପାଳ, ଗ୍ରାମ: ଚମ୍ପାଦେବପୁର
୬୫୩	୧୮	ଘେରଲୋଗା	ଶାରଦ ୧	୦.୦୩୦୦୦୫୬	ପଦ୍ମନାଭ ସାହୁ, ପିତା: ମାଧବ ସାହୁ, କାଳି: ତେଲି, ଗ୍ରାମ: ଚମ୍ପାଦେବପୁର
୬୫୪	୧୯	ଘେରଲୋଗା	ଶାରଦ ୧	୦.୦୪୦୦୦୫୬	ଲୋକନାଥ ରାଉତ, ପିତା: ଜଗନ୍ନାଥ ରାଉତ, ଦାମୋଦର ରାଉତ, ପିତା: ଜଗନ୍ନାଥ ରାଉତ, କାଳି: ଗୋପାଳ, ଗ୍ରାମ: ଚମ୍ପାଦେବପୁର
୬୫୫	୨୦	ଘେରଲୋଗା	ଶାରଦ ୩	୦.୦୩୦୦୦୫୬	ମଦନ ରାଉତ, ପିତା: ଲୋକନାଥ ରାଉତ, କାଳି: ଗୋପାଳ, ଗ୍ରାମ: ଚମ୍ପାଦେବପୁର
୬୫୬	୨୧/୧୫୪	ଘେରଲୋଗା	ଶାରଦ ୧	୦.୦୩୦୦୦୫୬	ନିମାଇ ଚରଣ ଜେନା, ପିତା: ଲକ୍ଷ୍ମୀ ଜେନା, କାଳି: ଖଣ୍ଡାୟତ, ଗ୍ରାମ: ଚମ୍ପାଦେବପୁର
୬୫୭	୨୧/୧୫୫	ଘେରଲୋଗା	ଶାରଦ ୩	୦.୦୨୦୦୦୫୬	କୃଷ୍ଣଚନ୍ଦ୍ର ମହାନ୍ତି, ପିତା: ଲକ୍ଷ୍ମୀଧର ମହାନ୍ତି, କାଳି: କରଣ, ଗ୍ରାମ: ଚମ୍ପାଦେବପୁର
୬୫୮	୨୨	ଘେରଲୋଗା	ଶାରଦ ୩	୦.୦୩୦୦୦୫୬	ବୈଦେହୀ ସାମଲ, ପିତା: ଦୀନବନ୍ଧୁ ସାମଲ, କାଳି: ଗୋପାଳ, ଗ୍ରାମ: ଚମ୍ପାଦେବପୁର
୬୫୯	୨୩	ଘେରଲୋଗା	ଶାରଦ ୩	୦.୦୪୦୦୦୫୬	ସୁଲେଖା ଦେଇ, ସ୍ୱାମୀ: ଲକ୍ଷ୍ମୀକାନ୍ତ ସାମଲ, କାଳି: ଗୋପାଳ, ଗ୍ରାମ: ଚମ୍ପାଦେବପୁର
୬୬୦	୨୪	ଘେରଲୋଗା	ଶାରଦ ୩	୦.୦୩୦୦୦୫୬	ବୈଦେହୀ ସାମଲ, ପିତା: ଦୀନବନ୍ଧୁ ସାମଲ, କାଳି: ଗୋପାଳ, ଗ୍ରାମ: ଚମ୍ପାଦେବପୁର
୬୬୧	୨୫	ଘେରଲୋଗା	ଶାରଦ ୩	୦.୦୪୦୦୦୫୬	ପୁରୁଷୋତ୍ତମ ରାଉତ, ପିତା: ଚିନ୍ତାମଣି ରାଉତ, କାଳି: ଗୋପାଳ, ଗ୍ରାମ: ଚମ୍ପାଦେବପୁର
